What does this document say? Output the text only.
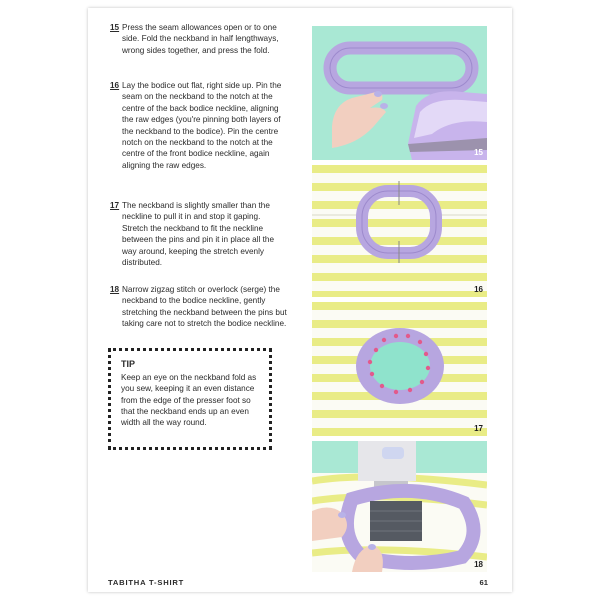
15 Press the seam allowances open or to one side. Fold the neckband in half lengthways, wrong sides together, and press the fold.
16 Lay the bodice out flat, right side up. Pin the seam on the neckband to the notch at the centre of the back bodice neckline, aligning the raw edges (you're pinning both layers of the neckband to the bodice). Pin the centre notch on the neckband to the notch at the centre of the front bodice neckline, again aligning the raw edges.
17 The neckband is slightly smaller than the neckline to pull it in and stop it gaping. Stretch the neckband to fit the neckline between the pins and pin it in place all the way around, keeping the stretch evenly distributed.
18 Narrow zigzag stitch or overlock (serge) the neckband to the bodice neckline, gently stretching the neckband between the pins but taking care not to stretch the bodice neckline.
TIP
Keep an eye on the neckband fold as you sew, keeping it an even distance from the edge of the presser foot so that the neckband ends up an even width all the way round.
15
16
17
18
TABITHA T-SHIRT	61
